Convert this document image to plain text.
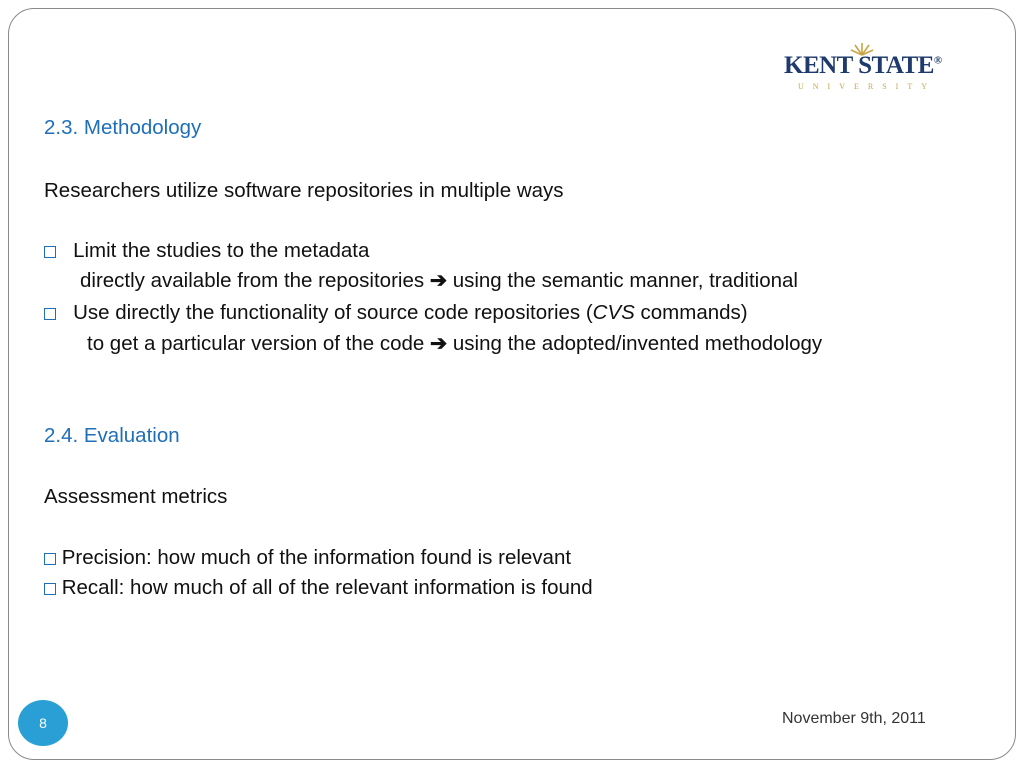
KENT STATE®
UNIVERSITY
2.3. Methodology
Researchers utilize software repositories in multiple ways
Limit the studies to the metadata
directly available from the repositories ➔ using the semantic manner, traditional
Use directly the functionality of source code repositories (CVS commands)
to get a particular version of the code ➔ using the adopted/invented methodology
2.4. Evaluation
Assessment metrics
Precision: how much of the information found is relevant
Recall: how much of all of the relevant information is found
8	November 9th, 2011
